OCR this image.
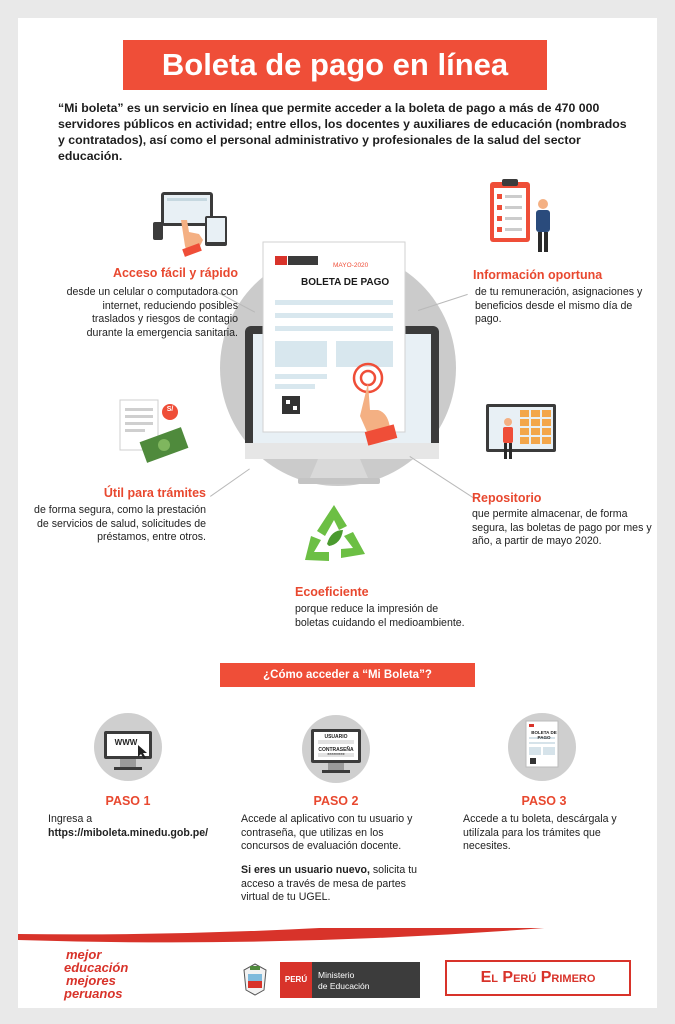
Boleta de pago en línea

“Mi boleta” es un servicio en línea que permite acceder a la boleta de pago a más de 470 000 servidores públicos en actividad; entre ellos, los docentes y auxiliares de educación (nombrados y contratados), así como el personal administrativo y profesionales de la salud del sector educación.

MAYO-2020
BOLETA DE PAGO
Acceso fácil y rápido

desde un celular o computadora con internet, reduciendo posibles traslados y riesgos de contagio durante la emergencia sanitaria.

Información oportuna

de tu remuneración, asignaciones y beneficios desde el mismo día de pago.

S/
Útil para trámites

de forma segura, como la prestación de servicios de salud, solicitudes de préstamos, entre otros.

Repositorio

que permite almacenar, de forma segura, las boletas de pago por mes y año, a partir de mayo 2020.

Ecoeficiente

porque reduce la impresión de boletas cuidando el medioambiente.

¿Cómo acceder a “Mi Boleta”?
WWW
USUARIO
CONTRASEÑA
*********
BOLETA DE PAGO
PASO 1
Ingresa a
https://miboleta.minedu.gob.pe/
PASO 2

Accede al aplicativo con tu usuario y contraseña, que utilizas en los concursos de evaluación docente.

Si eres un usuario nuevo, solicita tu acceso a través de mesa de partes virtual de tu UGEL.

PASO 3

Accede a tu boleta, descárgala y utilízala para los trámites que necesites.

mejor
educación
mejores
peruanos
PERÚ	Ministerio
de Educación	El Perú Primero
